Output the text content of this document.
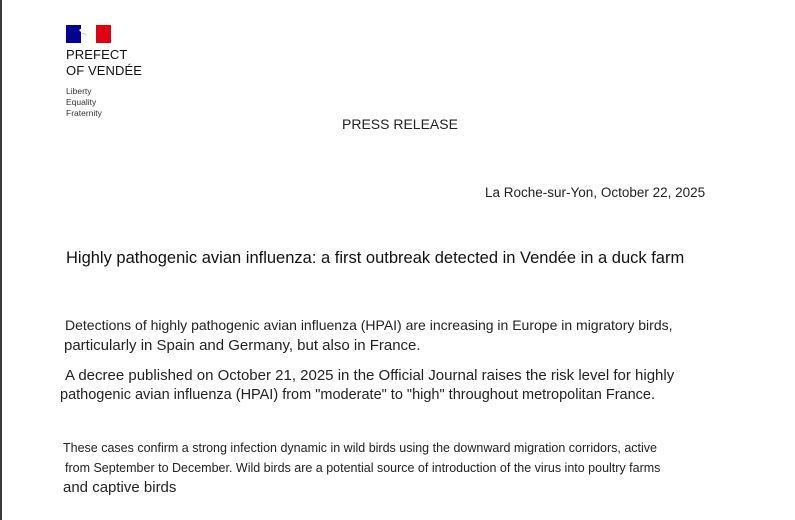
PREFECT
OF VENDÉE
Liberty
Equality
Fraternity
PRESS RELEASE
La Roche-sur-Yon, October 22, 2025
Highly pathogenic avian influenza: a first outbreak detected in Vendée in a duck farm
Detections of highly pathogenic avian influenza (HPAI) are increasing in Europe in migratory birds,
particularly in Spain and Germany, but also in France.
A decree published on October 21, 2025 in the Official Journal raises the risk level for highly
pathogenic avian influenza (HPAI) from "moderate" to "high" throughout metropolitan France.
These cases confirm a strong infection dynamic in wild birds using the downward migration corridors, active
from September to December. Wild birds are a potential source of introduction of the virus into poultry farms
and captive birds
